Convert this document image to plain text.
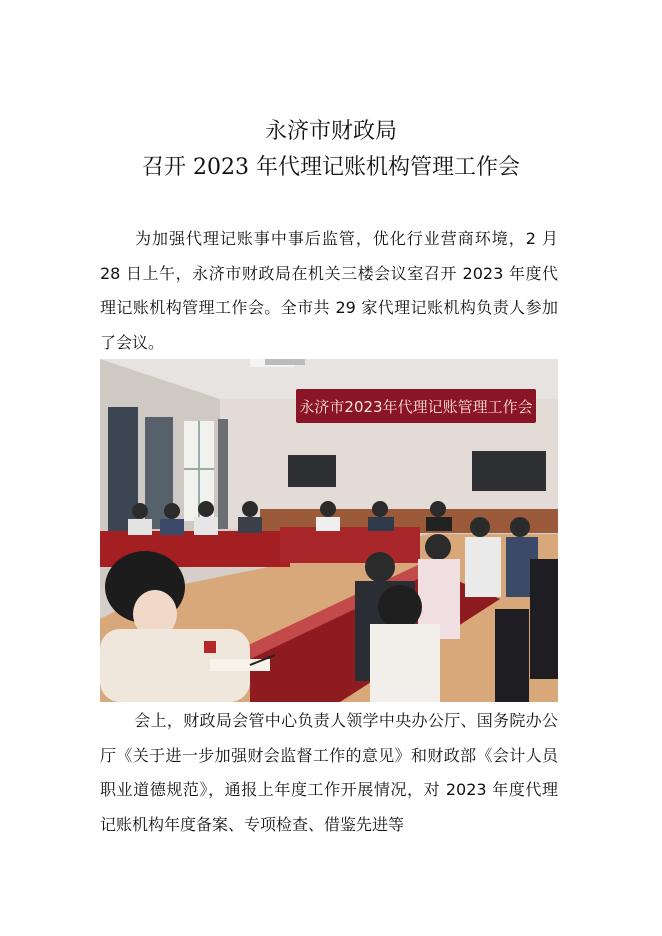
永济市财政局
召开 2023 年代理记账机构管理工作会

为加强代理记账事中事后监管，优化行业营商环境，2 月 28 日上午，永济市财政局在机关三楼会议室召开 2023 年度代理记账机构管理工作会。全市共 29 家代理记账机构负责人参加了会议。

永济市2023年代理记账管理工作会

会上，财政局会管中心负责人领学中央办公厅、国务院办公厅《关于进一步加强财会监督工作的意见》和财政部《会计人员职业道德规范》，通报上年度工作开展情况，对 2023 年度代理记账机构年度备案、专项检查、借鉴先进等
